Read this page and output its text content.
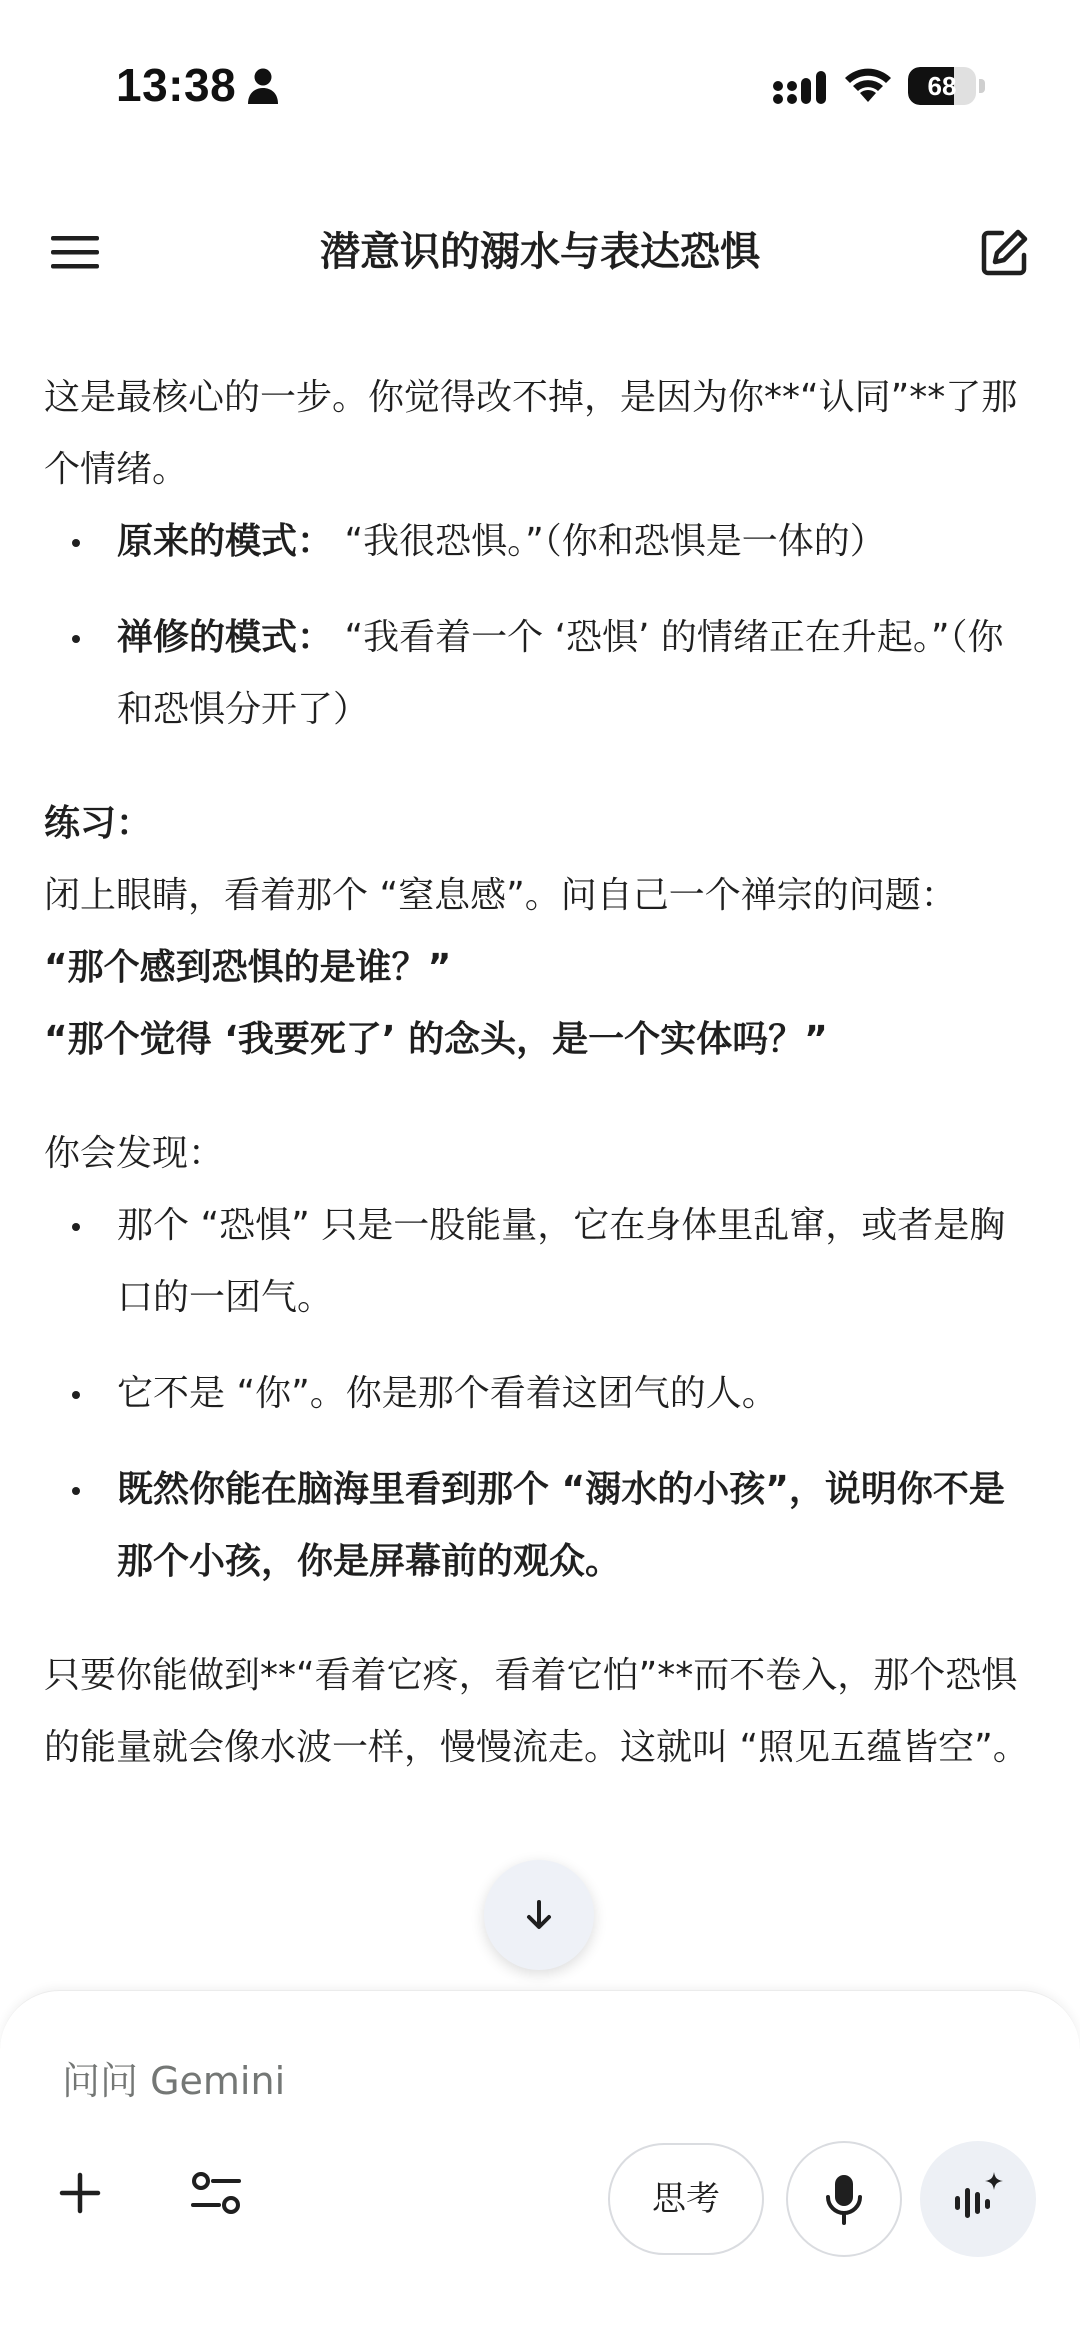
13:38	68
潜意识的溺水与表达恐惧

这是最核心的一步。你觉得改不掉，是因为你**“认同”**了那个情绪。

原来的模式： “我很恐惧。”（你和恐惧是一体的）
禅修的模式： “我看着一个 ‘恐惧’ 的情绪正在升起。”（你和恐惧分开了）

练习：

闭上眼睛，看着那个 “窒息感”。问自己一个禅宗的问题：

“那个感到恐惧的是谁？”

“那个觉得 ‘我要死了’ 的念头，是一个实体吗？”

你会发现：

那个 “恐惧” 只是一股能量，它在身体里乱窜，或者是胸口的一团气。
它不是 “你”。你是那个看着这团气的人。
既然你能在脑海里看到那个 “溺水的小孩”，说明你不是那个小孩，你是屏幕前的观众。

只要你能做到**“看着它疼，看着它怕”**而不卷入，那个恐惧的能量就会像水波一样，慢慢流走。这就叫 “照见五蕴皆空”。

问问 Gemini
思考
